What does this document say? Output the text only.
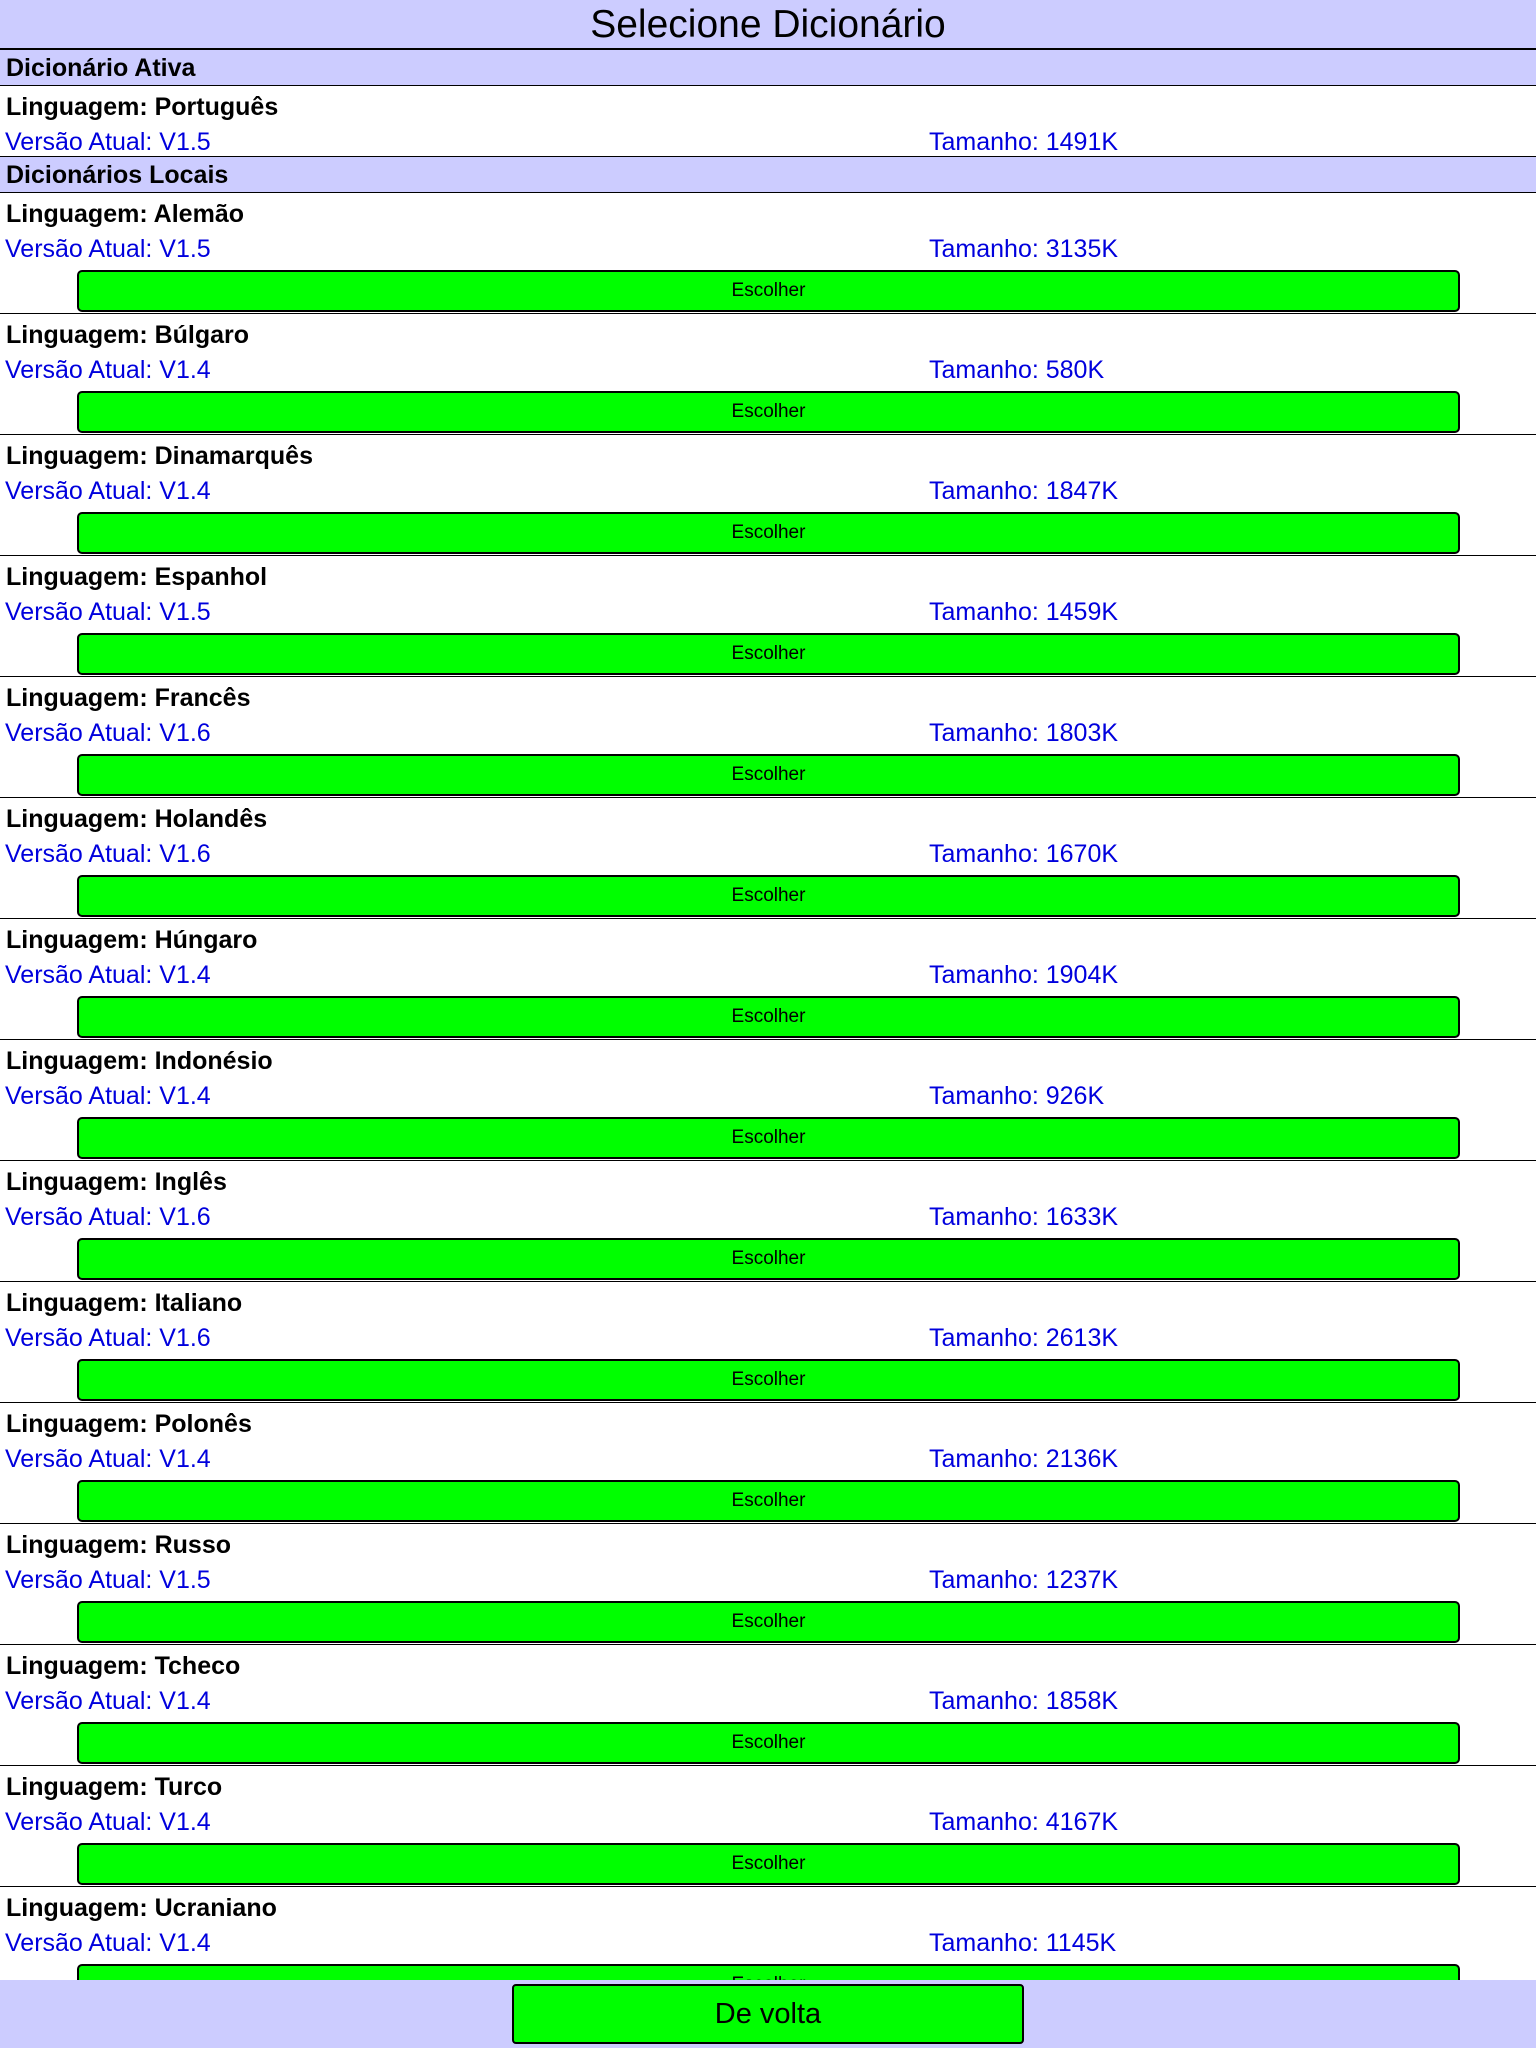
Selecione Dicionário
Dicionário Ativa
Linguagem: Português
Versão Atual: V1.5	Tamanho: 1491K
Dicionários Locais
Linguagem: Alemão
Versão Atual: V1.5	Tamanho: 3135K
Escolher
Linguagem: Búlgaro
Versão Atual: V1.4	Tamanho: 580K
Escolher
Linguagem: Dinamarquês
Versão Atual: V1.4	Tamanho: 1847K
Escolher
Linguagem: Espanhol
Versão Atual: V1.5	Tamanho: 1459K
Escolher
Linguagem: Francês
Versão Atual: V1.6	Tamanho: 1803K
Escolher
Linguagem: Holandês
Versão Atual: V1.6	Tamanho: 1670K
Escolher
Linguagem: Húngaro
Versão Atual: V1.4	Tamanho: 1904K
Escolher
Linguagem: Indonésio
Versão Atual: V1.4	Tamanho: 926K
Escolher
Linguagem: Inglês
Versão Atual: V1.6	Tamanho: 1633K
Escolher
Linguagem: Italiano
Versão Atual: V1.6	Tamanho: 2613K
Escolher
Linguagem: Polonês
Versão Atual: V1.4	Tamanho: 2136K
Escolher
Linguagem: Russo
Versão Atual: V1.5	Tamanho: 1237K
Escolher
Linguagem: Tcheco
Versão Atual: V1.4	Tamanho: 1858K
Escolher
Linguagem: Turco
Versão Atual: V1.4	Tamanho: 4167K
Escolher
Linguagem: Ucraniano
Versão Atual: V1.4	Tamanho: 1145K
De volta
